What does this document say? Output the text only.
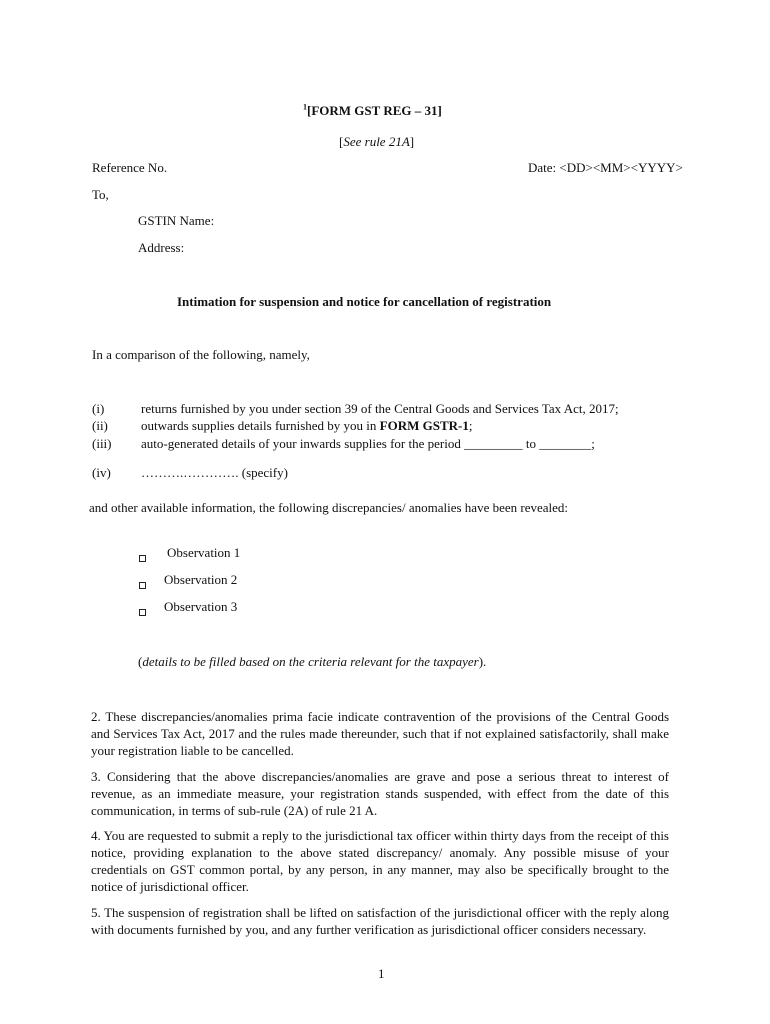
$^1$[FORM GST REG – 31]
[See rule 21A]
Reference No.	Date: <DD><MM><YYYY>
To,
GSTIN Name:
Address:
Intimation for suspension and notice for cancellation of registration
In a comparison of the following, namely,
(i)	returns furnished by you under section 39 of the Central Goods and Services Tax Act, 2017;
(ii)	outwards supplies details furnished by you in FORM GSTR-1;
(iii) auto-generated details of your inwards supplies for the period _________ to ________;
(iv) ……….…………. (specify)
and other available information, the following discrepancies/ anomalies have been revealed:
Observation 1
Observation 2
Observation 3
(details to be filled based on the criteria relevant for the taxpayer).
2. These discrepancies/anomalies prima facie indicate contravention of the provisions of the Central Goods and Services Tax Act, 2017 and the rules made thereunder, such that if not explained satisfactorily, shall make your registration liable to be cancelled.
3. Considering that the above discrepancies/anomalies are grave and pose a serious threat to interest of revenue, as an immediate measure, your registration stands suspended, with effect from the date of this communication, in terms of sub-rule (2A) of rule 21 A.
4. You are requested to submit a reply to the jurisdictional tax officer within thirty days from the receipt of this notice, providing explanation to the above stated discrepancy/ anomaly. Any possible misuse of your credentials on GST common portal, by any person, in any manner, may also be specifically brought to the notice of jurisdictional officer.
5. The suspension of registration shall be lifted on satisfaction of the jurisdictional officer with the reply along with documents furnished by you, and any further verification as jurisdictional officer considers necessary.
1
